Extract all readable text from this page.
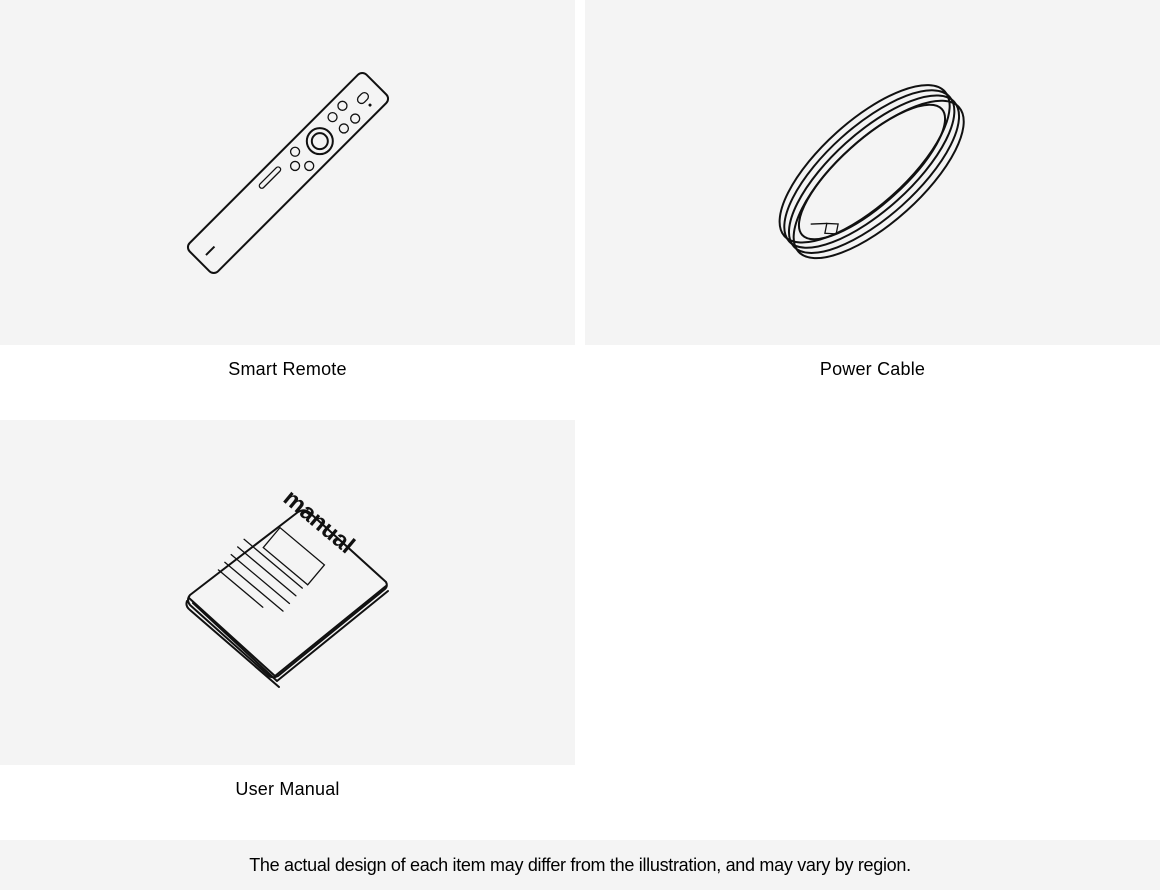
Smart Remote	Power Cable
manual
User Manual
The actual design of each item may differ from the illustration, and may vary by region.
